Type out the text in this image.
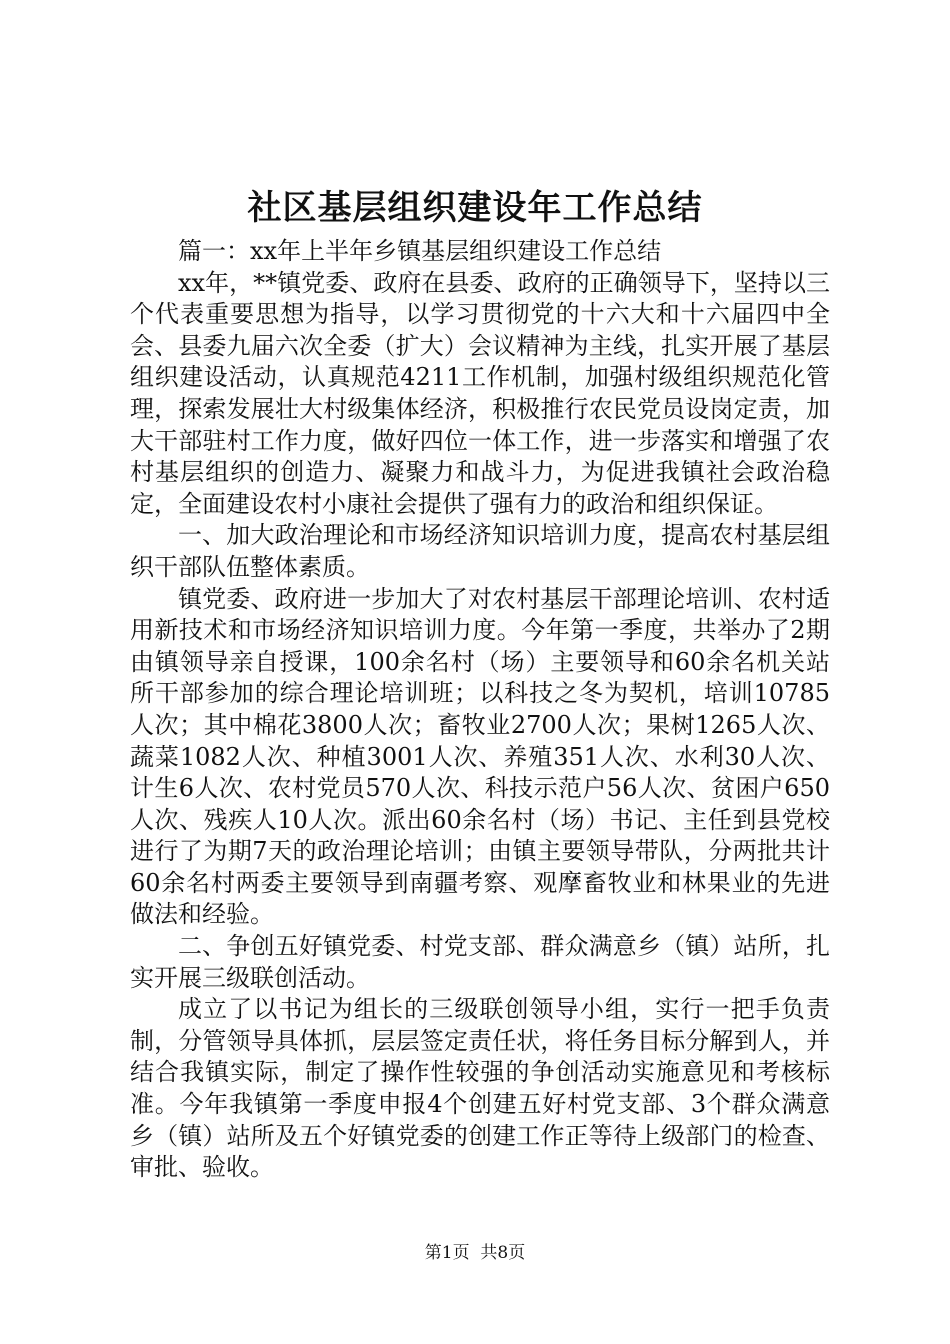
社区基层组织建设年工作总结

篇一：xx年上半年乡镇基层组织建设工作总结

xx年，**镇党委、政府在县委、政府的正确领导下，坚持以三个代表重要思想为指导，以学习贯彻党的十六大和十六届四中全会、县委九届六次全委（扩大）会议精神为主线，扎实开展了基层组织建设活动，认真规范4211工作机制，加强村级组织规范化管理，探索发展壮大村级集体经济，积极推行农民党员设岗定责，加大干部驻村工作力度，做好四位一体工作，进一步落实和增强了农村基层组织的创造力、凝聚力和战斗力，为促进我镇社会政治稳定，全面建设农村小康社会提供了强有力的政治和组织保证。

一、加大政治理论和市场经济知识培训力度，提高农村基层组织干部队伍整体素质。

镇党委、政府进一步加大了对农村基层干部理论培训、农村适用新技术和市场经济知识培训力度。今年第一季度，共举办了2期由镇领导亲自授课，100余名村（场）主要领导和60余名机关站所干部参加的综合理论培训班；以科技之冬为契机，培训10785人次；其中棉花3800人次；畜牧业2700人次；果树1265人次、蔬菜1082人次、种植3001人次、养殖351人次、水利30人次、计生6人次、农村党员570人次、科技示范户56人次、贫困户650人次、残疾人10人次。派出60余名村（场）书记、主任到县党校进行了为期7天的政治理论培训；由镇主要领导带队，分两批共计60余名村两委主要领导到南疆考察、观摩畜牧业和林果业的先进做法和经验。

二、争创五好镇党委、村党支部、群众满意乡（镇）站所，扎实开展三级联创活动。

成立了以书记为组长的三级联创领导小组，实行一把手负责制，分管领导具体抓，层层签定责任状，将任务目标分解到人，并结合我镇实际，制定了操作性较强的争创活动实施意见和考核标准。今年我镇第一季度申报4个创建五好村党支部、3个群众满意乡（镇）站所及五个好镇党委的创建工作正等待上级部门的检查、审批、验收。

第1页 共8页
